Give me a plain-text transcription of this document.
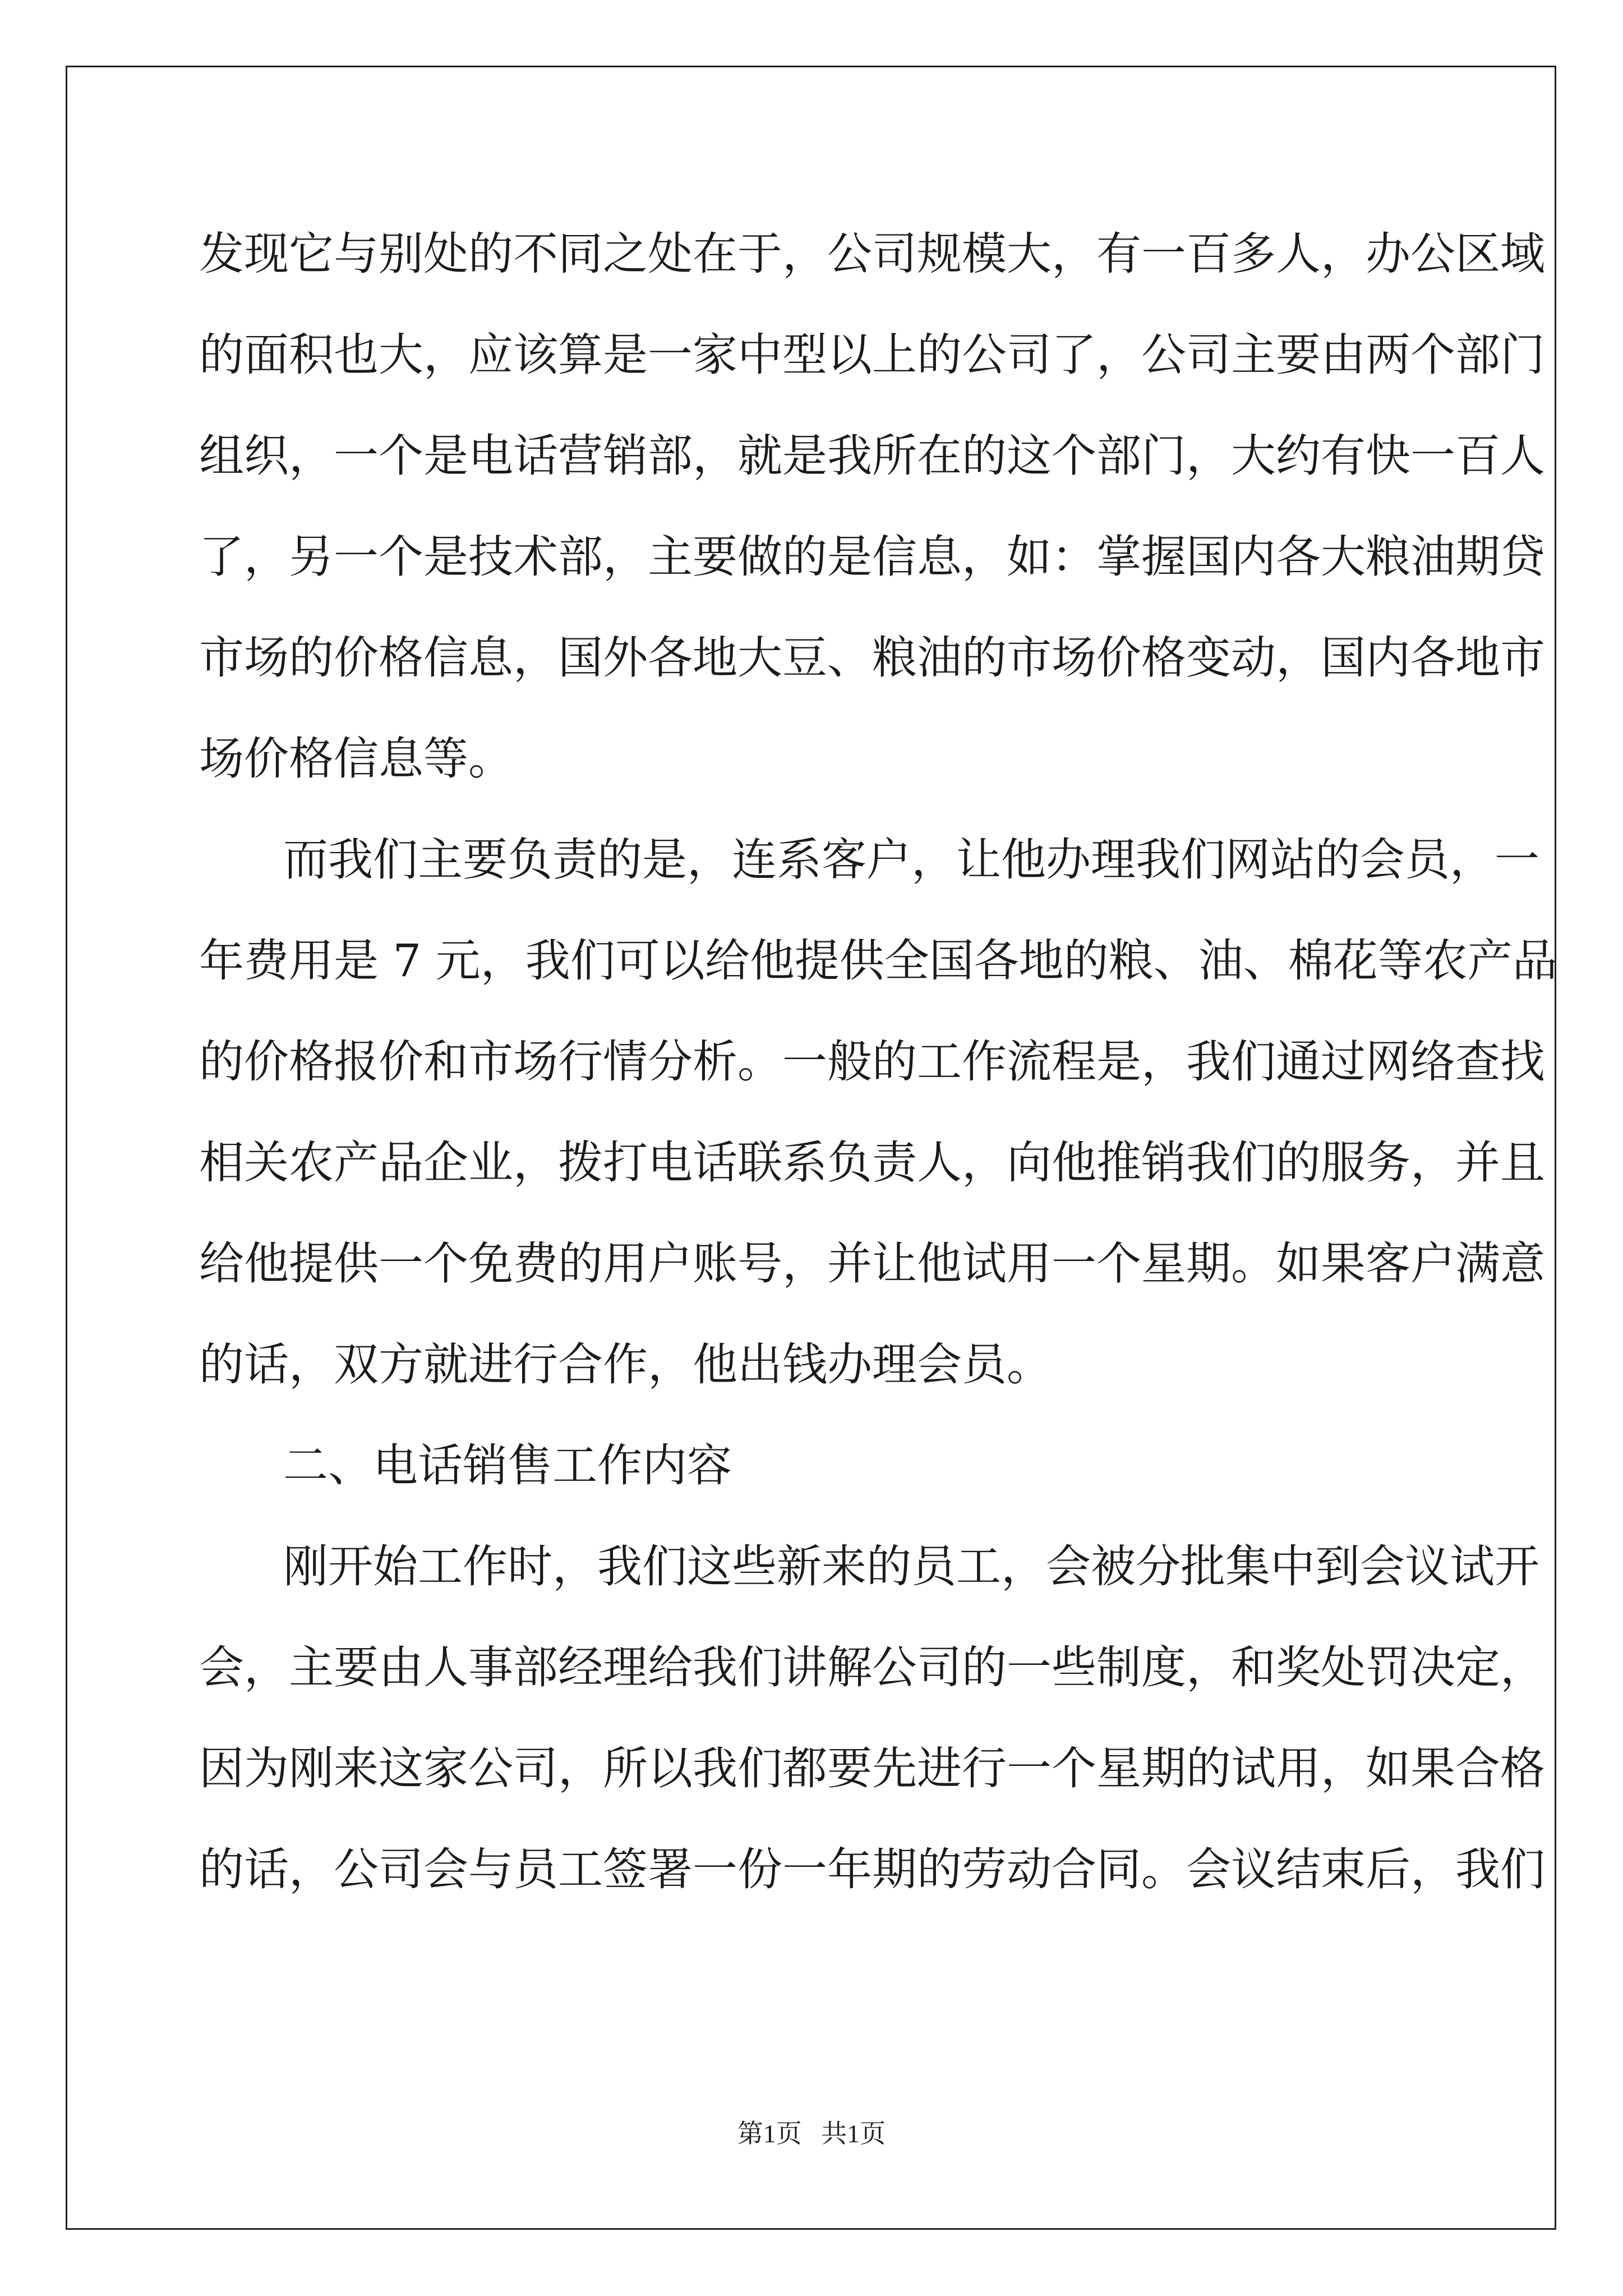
发现它与别处的不同之处在于，公司规模大，有一百多人，办公区域
的面积也大，应该算是一家中型以上的公司了，公司主要由两个部门
组织，一个是电话营销部，就是我所在的这个部门，大约有快一百人
了，另一个是技术部，主要做的是信息，如：掌握国内各大粮油期贷
市场的价格信息，国外各地大豆、粮油的市场价格变动，国内各地市
场价格信息等。
而我们主要负责的是，连系客户，让他办理我们网站的会员，一
年费用是 7 元，我们可以给他提供全国各地的粮、油、棉花等农产品
的价格报价和市场行情分析。一般的工作流程是，我们通过网络查找
相关农产品企业，拨打电话联系负责人，向他推销我们的服务，并且
给他提供一个免费的用户账号，并让他试用一个星期。如果客户满意
的话，双方就进行合作，他出钱办理会员。
二、电话销售工作内容
刚开始工作时，我们这些新来的员工，会被分批集中到会议试开
会，主要由人事部经理给我们讲解公司的一些制度，和奖处罚决定，
因为刚来这家公司，所以我们都要先进行一个星期的试用，如果合格
的话，公司会与员工签署一份一年期的劳动合同。会议结束后，我们
第1页   共1页
